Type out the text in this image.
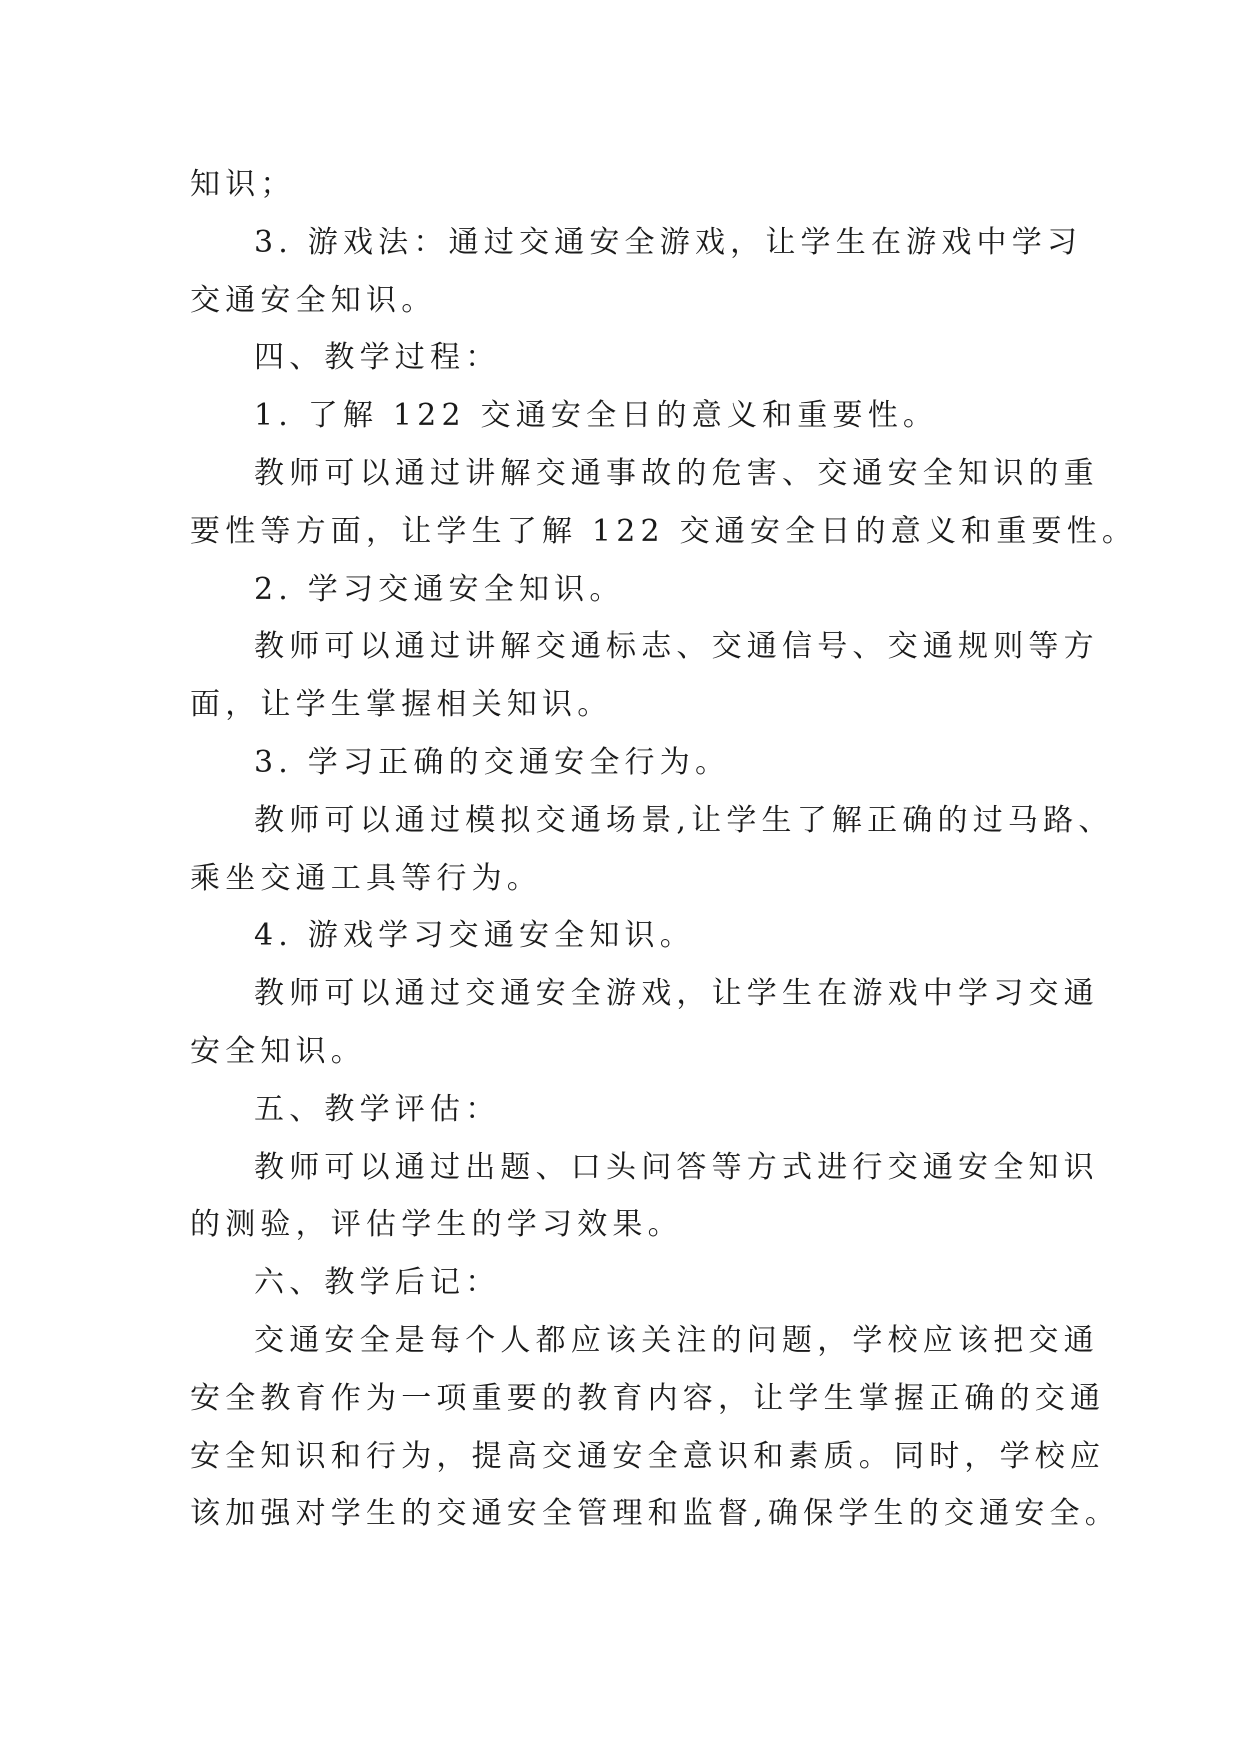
知识；
3. 游戏法：通过交通安全游戏，让学生在游戏中学习
交通安全知识。
四、教学过程：
1. 了解 122 交通安全日的意义和重要性。
教师可以通过讲解交通事故的危害、交通安全知识的重
要性等方面，让学生了解 122 交通安全日的意义和重要性。
2. 学习交通安全知识。
教师可以通过讲解交通标志、交通信号、交通规则等方
面，让学生掌握相关知识。
3. 学习正确的交通安全行为。
教师可以通过模拟交通场景,让学生了解正确的过马路、
乘坐交通工具等行为。
4. 游戏学习交通安全知识。
教师可以通过交通安全游戏，让学生在游戏中学习交通
安全知识。
五、教学评估：
教师可以通过出题、口头问答等方式进行交通安全知识
的测验，评估学生的学习效果。
六、教学后记：
交通安全是每个人都应该关注的问题，学校应该把交通
安全教育作为一项重要的教育内容，让学生掌握正确的交通
安全知识和行为，提高交通安全意识和素质。同时，学校应
该加强对学生的交通安全管理和监督,确保学生的交通安全。
